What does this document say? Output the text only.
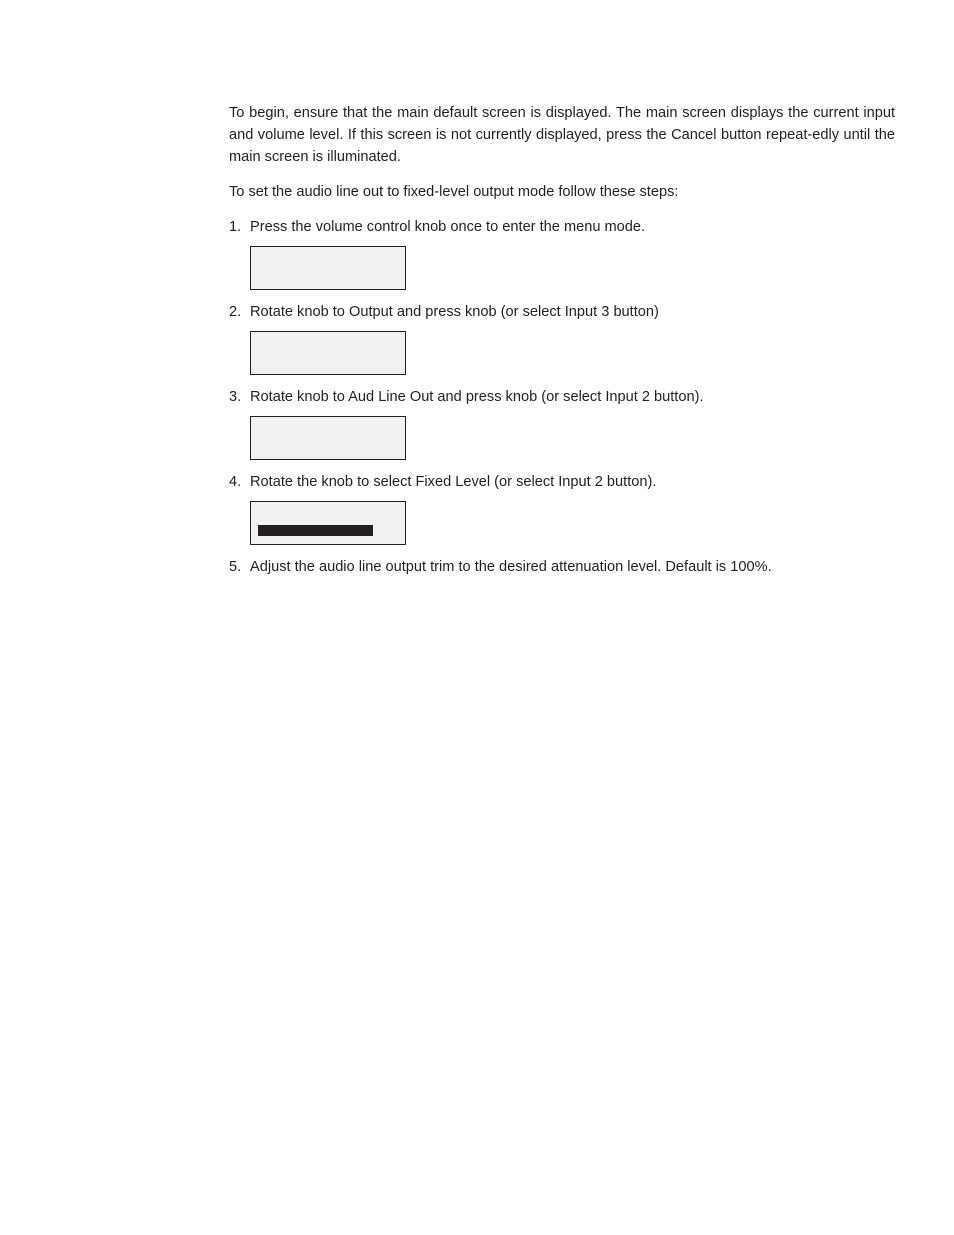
To begin, ensure that the main default screen is displayed. The main screen displays the current input and volume level. If this screen is not currently displayed, press the Cancel button repeat-edly until the main screen is illuminated.

To set the audio line out to fixed-level output mode follow these steps:

1. Press the volume control knob once to enter the menu mode.
2. Rotate knob to Output and press knob (or select Input 3 button)
3. Rotate knob to Aud Line Out and press knob (or select Input 2 button).
4. Rotate the knob to select Fixed Level (or select Input 2 button).
5. Adjust the audio line output trim to the desired attenuation level. Default is 100%.
